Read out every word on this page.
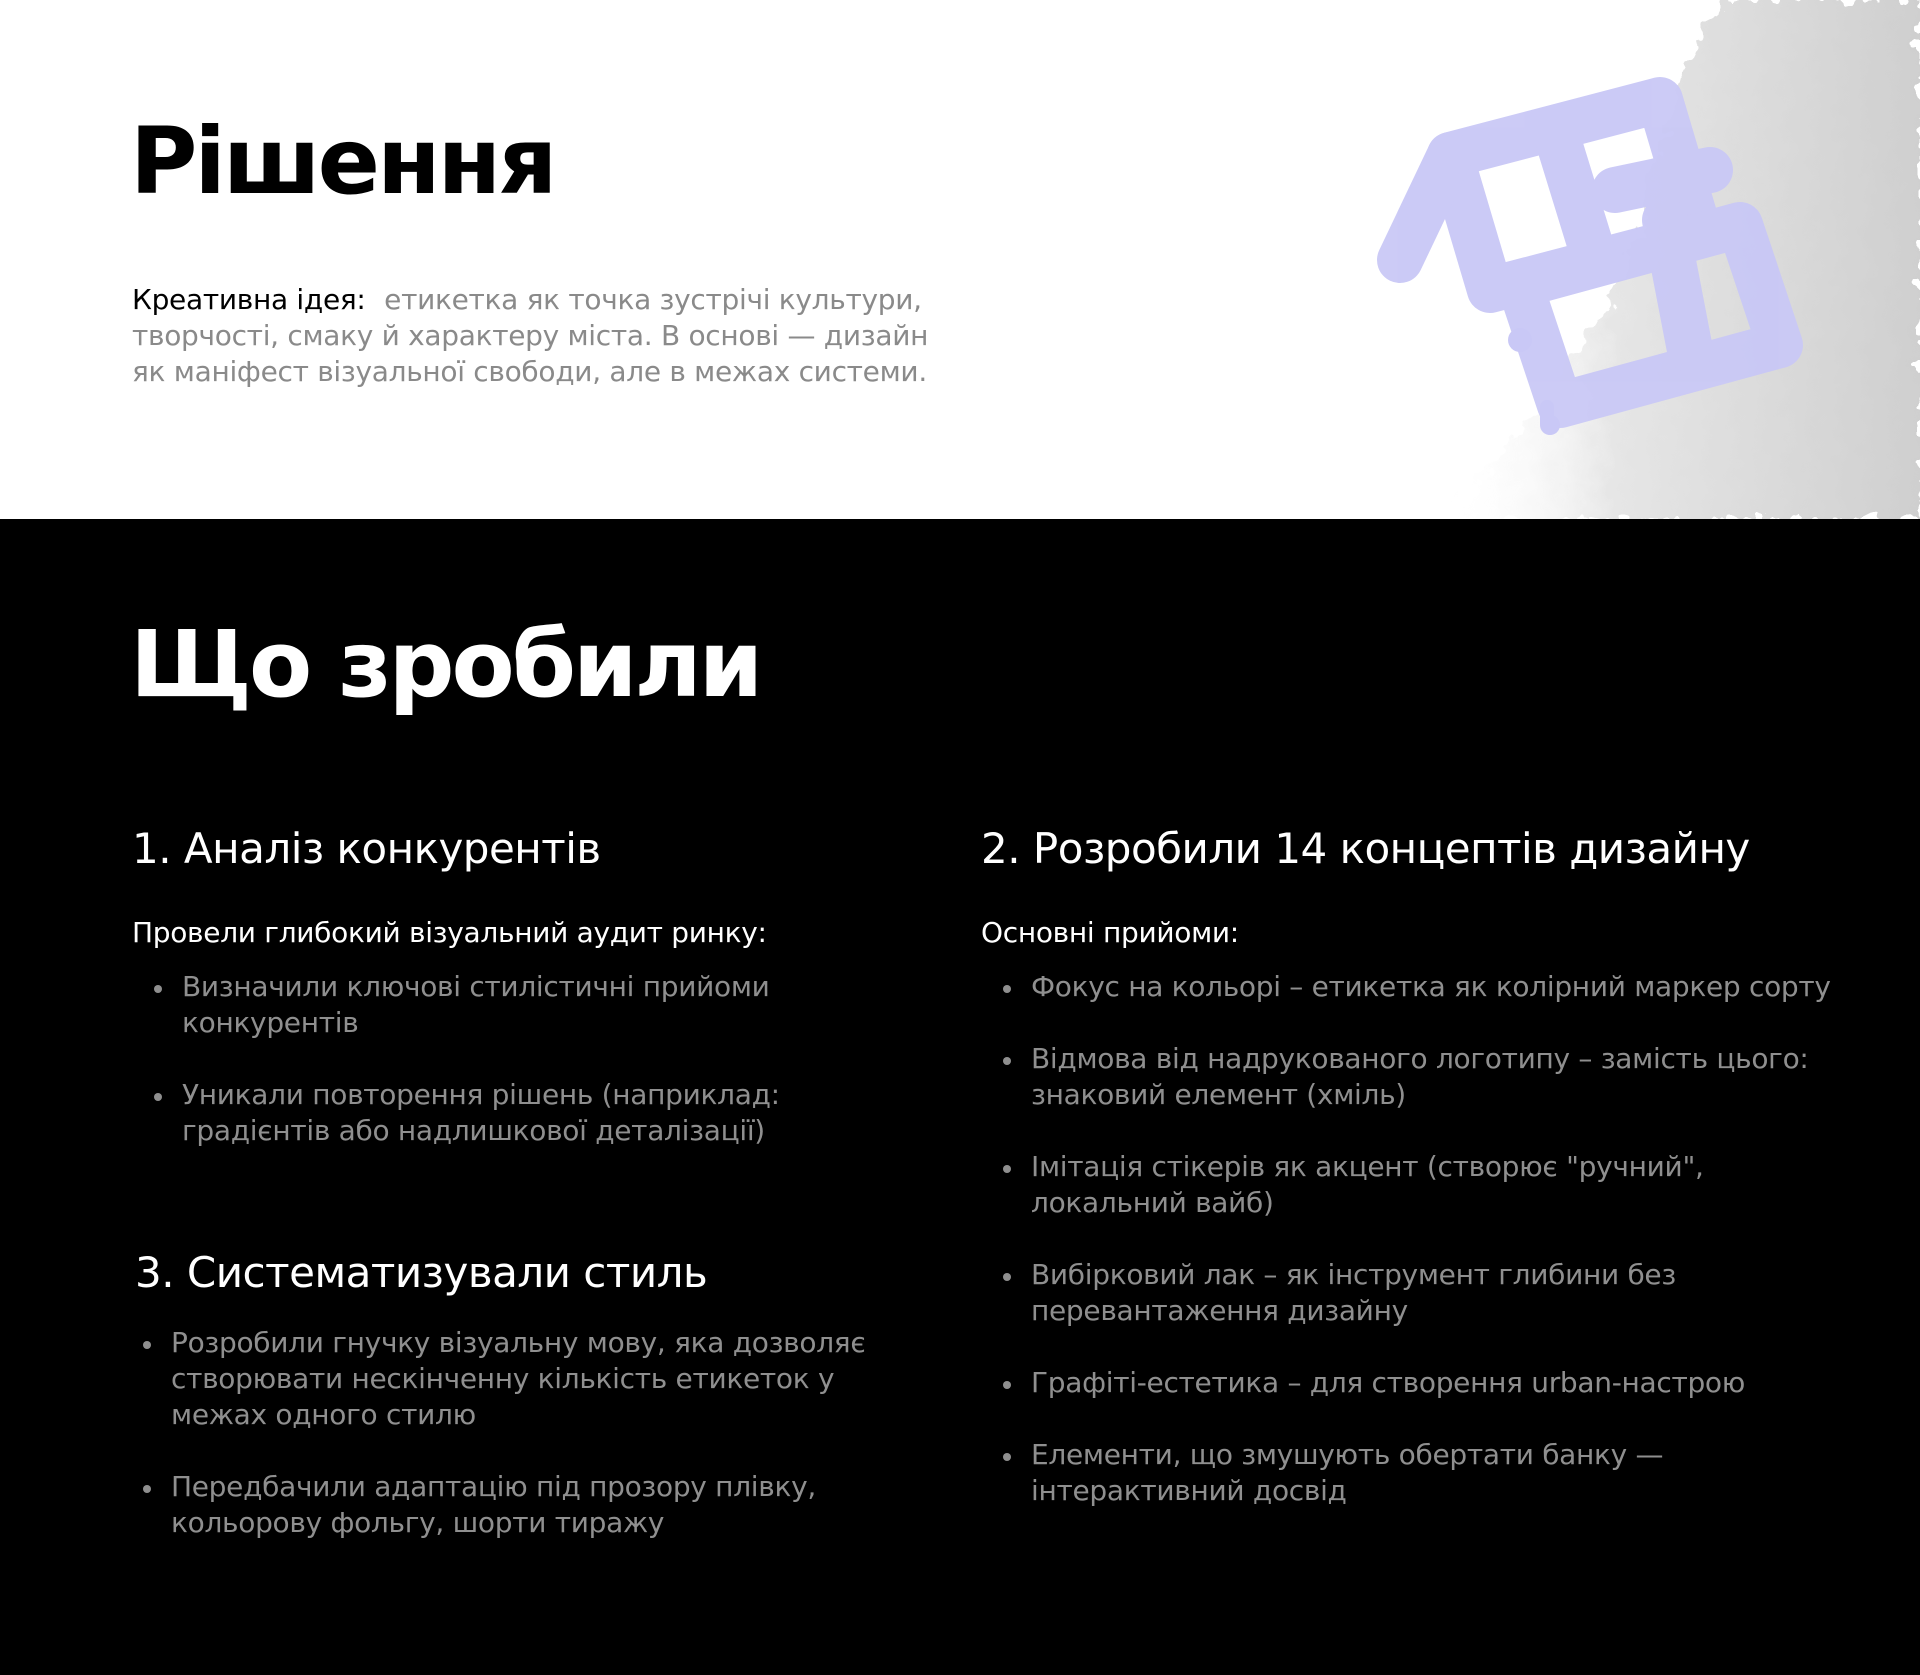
Рішення

Креативна ідея: етикетка як точка зустрічі культури, творчості, смаку й характеру міста. В основі — дизайн як маніфест візуальної свободи, але в межах системи.

Що зробили
1. Аналіз конкурентів

Провели глибокий візуальний аудит ринку:

Визначили ключові стилістичні прийоми конкурентів
Уникали повторення рішень (наприклад: градієнтів або надлишкової деталізації)
2. Розробили 14 концептів дизайну

Основні прийоми:

Фокус на кольорі – етикетка як колірний маркер сорту
Відмова від надрукованого логотипу – замість цього: знаковий елемент (хміль)
Імітація стікерів як акцент (створює "ручний", локальний вайб)
Вибірковий лак – як інструмент глибини без перевантаження дизайну
Графіті-естетика – для створення urban-настрою
Елементи, що змушують обертати банку — інтерактивний досвід
3. Систематизували стиль
Розробили гнучку візуальну мову, яка дозволяє створювати нескінченну кількість етикеток у межах одного стилю
Передбачили адаптацію під прозору плівку, кольорову фольгу, шорти тиражу
